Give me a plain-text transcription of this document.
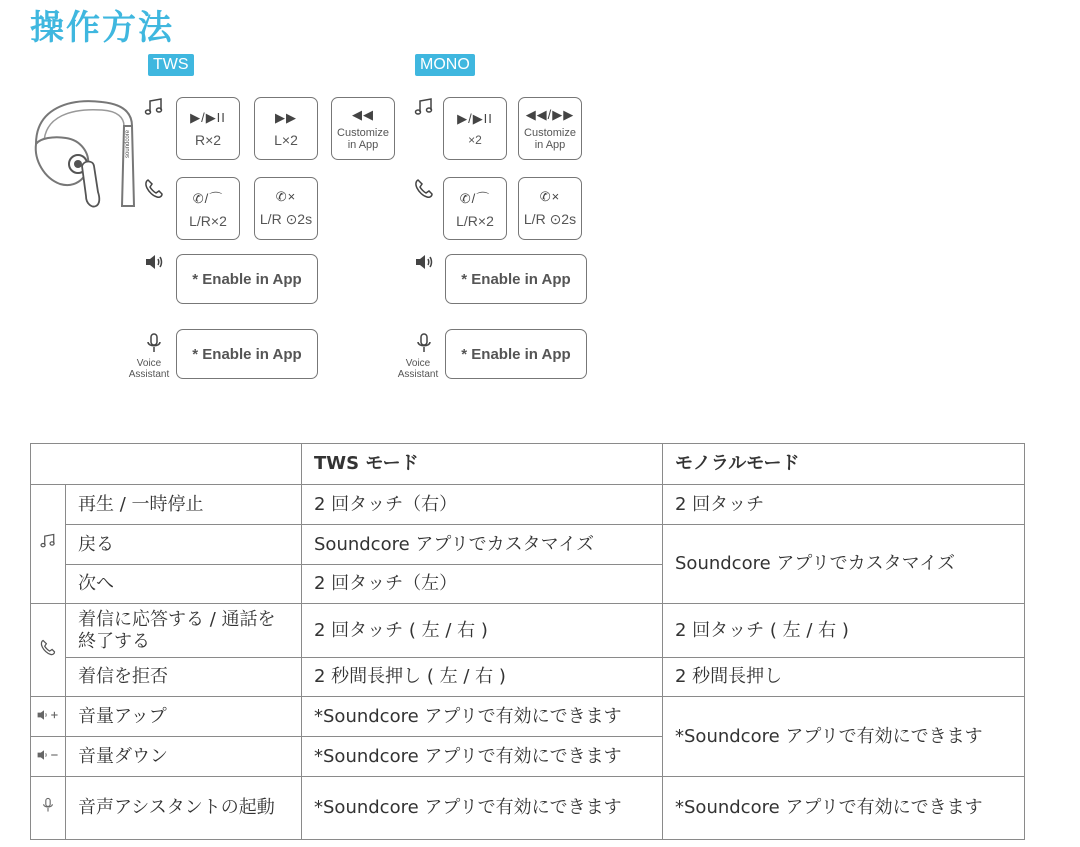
操作方法
soundcore
TWS
▶/▶II
R×2
▶▶
L×2
◀◀
Customize
in App
✆/⌒
L/R×2
✆×
L/R ⊙2s
* Enable in App
Voice
Assistant
* Enable in App
MONO
▶/▶II
×2
◀◀/▶▶
Customize
in App
✆/⌒
L/R×2
✆×
L/R ⊙2s
* Enable in App
Voice
Assistant
* Enable in App
		TWS モード	モノラルモード
	再生 / 一時停止	2 回タッチ（右）	2 回タッチ
	戻る	Soundcore アプリでカスタマイズ	Soundcore アプリでカスタマイズ
	次へ	2 回タッチ（左）	
	着信に応答する / 通話を終了する	2 回タッチ ( 左 / 右 )	2 回タッチ ( 左 / 右 )
	着信を拒否	2 秒間長押し ( 左 / 右 )	2 秒間長押し
	音量アップ	*Soundcore アプリで有効にできます	*Soundcore アプリで有効にできます
	音量ダウン	*Soundcore アプリで有効にできます	
	音声アシスタントの起動	*Soundcore アプリで有効にできます	*Soundcore アプリで有効にできます
